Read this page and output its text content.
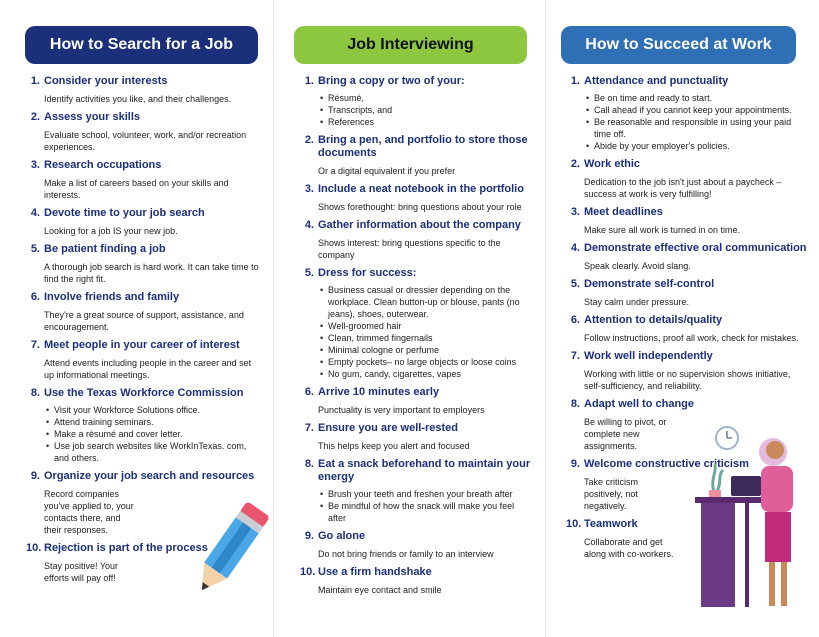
How to Search for a Job
1. Consider your interests
Identify activities you like, and their challenges.
2. Assess your skills
Evaluate school, volunteer, work, and/or recreation experiences.
3. Research occupations
Make a list of careers based on your skills and interests.
4. Devote time to your job search
Looking for a job IS your new job.
5. Be patient finding a job
A thorough job search is hard work. It can take time to find the right fit.
6. Involve friends and family
They're a great source of support, assistance, and encouragement.
7. Meet people in your career of interest
Attend events including people in the career and set up informational meetings.
8. Use the Texas Workforce Commission
• Visit your Workforce Solutions office.
• Attend training seminars.
• Make a résumé and cover letter.
• Use job search websites like WorkInTexas. com, and others.
9. Organize your job search and resources
Record companies you've applied to, your contacts there, and their responses.
10. Rejection is part of the process
Stay positive! Your efforts will pay off!
Job Interviewing
1. Bring a copy or two of your:
• Résumé,
• Transcripts, and
• References
2. Bring a pen, and portfolio to store those documents
Or a digital equivalent if you prefer
3. Include a neat notebook in the portfolio
Shows forethought: bring questions about your role
4. Gather information about the company
Shows interest: bring questions specific to the company
5. Dress for success:
• Business casual or dressier depending on the workplace. Clean button-up or blouse, pants (no jeans), shoes, outerwear.
• Well-groomed hair
• Clean, trimmed fingernails
• Minimal cologne or perfume
• Empty pockets– no large objects or loose coins
• No gum, candy, cigarettes, vapes
6. Arrive 10 minutes early
Punctuality is very important to employers
7. Ensure you are well-rested
This helps keep you alert and focused
8. Eat a snack beforehand to maintain your energy
• Brush your teeth and freshen your breath after
• Be mindful of how the snack will make you feel after
9. Go alone
Do not bring friends or family to an interview
10. Use a firm handshake
Maintain eye contact and smile
How to Succeed at Work
1. Attendance and punctuality
• Be on time and ready to start.
• Call ahead if you cannot keep your appointments.
• Be reasonable and responsible in using your paid time off.
• Abide by your employer's policies.
2. Work ethic
Dedication to the job isn't just about a paycheck –success at work is very fulfilling!
3. Meet deadlines
Make sure all work is turned in on time.
4. Demonstrate effective oral communication
Speak clearly. Avoid slang.
5. Demonstrate self-control
Stay calm under pressure.
6. Attention to details/quality
Follow instructions, proof all work, check for mistakes.
7. Work well independently
Working with little or no supervision shows initiative, self-sufficiency, and reliability.
8. Adapt well to change
Be willing to pivot, or complete new assignments.
9. Welcome constructive criticism
Take criticism positively, not negatively.
10. Teamwork
Collaborate and get along with co-workers.
